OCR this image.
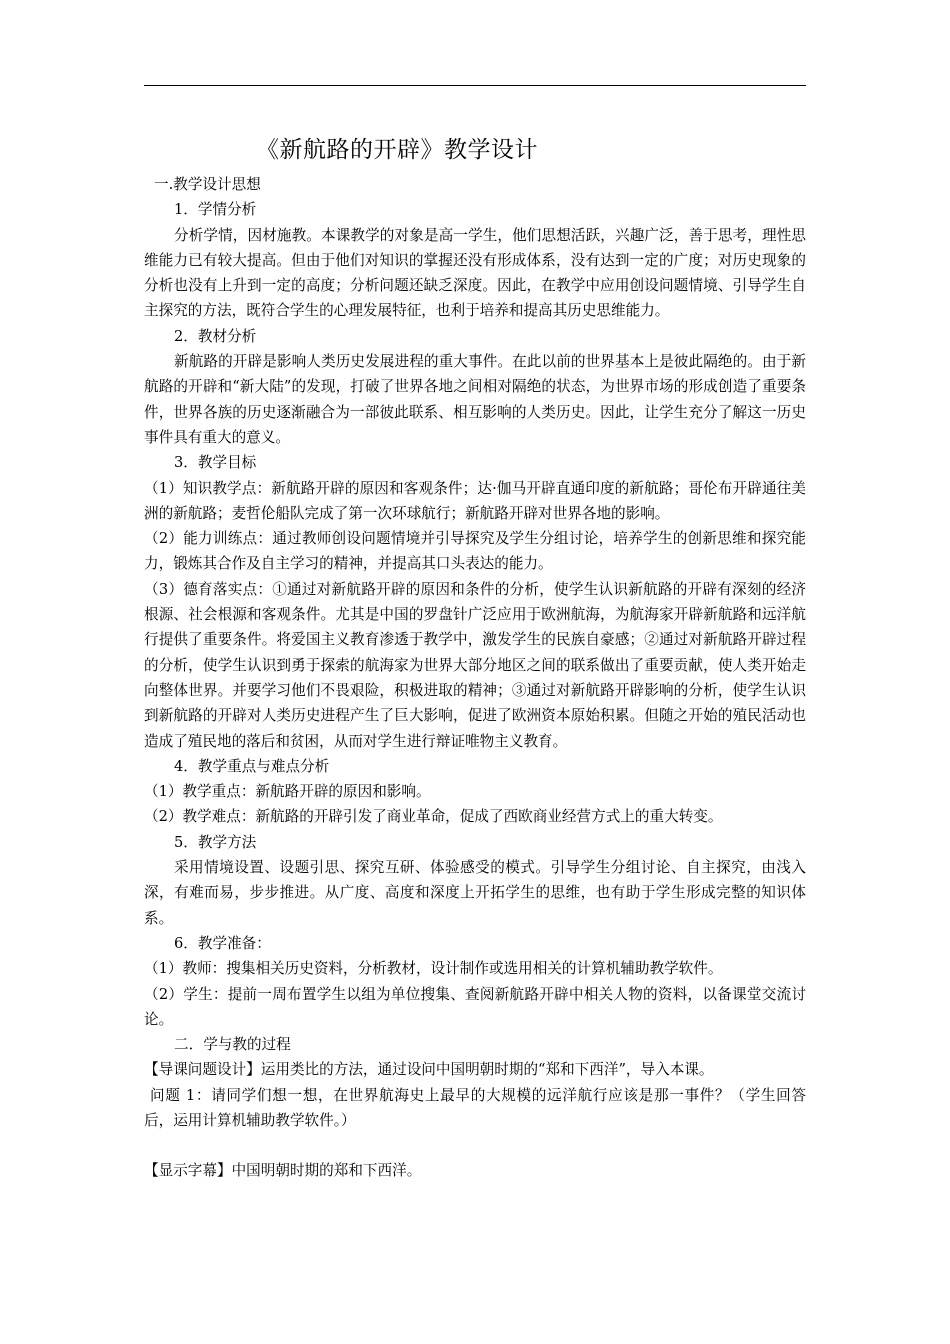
《新航路的开辟》教学设计

一.教学设计思想

1．学情分析

分析学情，因材施教。本课教学的对象是高一学生，他们思想活跃，兴趣广泛，善于思考，理性思维能力已有较大提高。但由于他们对知识的掌握还没有形成体系，没有达到一定的广度；对历史现象的分析也没有上升到一定的高度；分析问题还缺乏深度。因此，在教学中应用创设问题情境、引导学生自主探究的方法，既符合学生的心理发展特征，也利于培养和提高其历史思维能力。

2．教材分析

新航路的开辟是影响人类历史发展进程的重大事件。在此以前的世界基本上是彼此隔绝的。由于新航路的开辟和“新大陆”的发现，打破了世界各地之间相对隔绝的状态，为世界市场的形成创造了重要条件，世界各族的历史逐渐融合为一部彼此联系、相互影响的人类历史。因此，让学生充分了解这一历史事件具有重大的意义。

3．教学目标

（1）知识教学点：新航路开辟的原因和客观条件；达·伽马开辟直通印度的新航路；哥伦布开辟通往美洲的新航路；麦哲伦船队完成了第一次环球航行；新航路开辟对世界各地的影响。

（2）能力训练点：通过教师创设问题情境并引导探究及学生分组讨论，培养学生的创新思维和探究能力，锻炼其合作及自主学习的精神，并提高其口头表达的能力。

（3）德育落实点：①通过对新航路开辟的原因和条件的分析，使学生认识新航路的开辟有深刻的经济根源、社会根源和客观条件。尤其是中国的罗盘针广泛应用于欧洲航海，为航海家开辟新航路和远洋航行提供了重要条件。将爱国主义教育渗透于教学中，激发学生的民族自豪感；②通过对新航路开辟过程的分析，使学生认识到勇于探索的航海家为世界大部分地区之间的联系做出了重要贡献，使人类开始走向整体世界。并要学习他们不畏艰险，积极进取的精神；③通过对新航路开辟影响的分析，使学生认识到新航路的开辟对人类历史进程产生了巨大影响，促进了欧洲资本原始积累。但随之开始的殖民活动也造成了殖民地的落后和贫困，从而对学生进行辩证唯物主义教育。

4．教学重点与难点分析

（1）教学重点：新航路开辟的原因和影响。

（2）教学难点：新航路的开辟引发了商业革命，促成了西欧商业经营方式上的重大转变。

5．教学方法

采用情境设置、设题引思、探究互研、体验感受的模式。引导学生分组讨论、自主探究，由浅入深，有难而易，步步推进。从广度、高度和深度上开拓学生的思维，也有助于学生形成完整的知识体系。

6．教学准备：

（1）教师：搜集相关历史资料，分析教材，设计制作或选用相关的计算机辅助教学软件。

（2）学生：提前一周布置学生以组为单位搜集、查阅新航路开辟中相关人物的资料，以备课堂交流讨论。

二．学与教的过程

【导课问题设计】运用类比的方法，通过设问中国明朝时期的“郑和下西洋”，导入本课。

问题 1：请同学们想一想，在世界航海史上最早的大规模的远洋航行应该是那一事件？（学生回答后，运用计算机辅助教学软件。）

【显示字幕】中国明朝时期的郑和下西洋。
